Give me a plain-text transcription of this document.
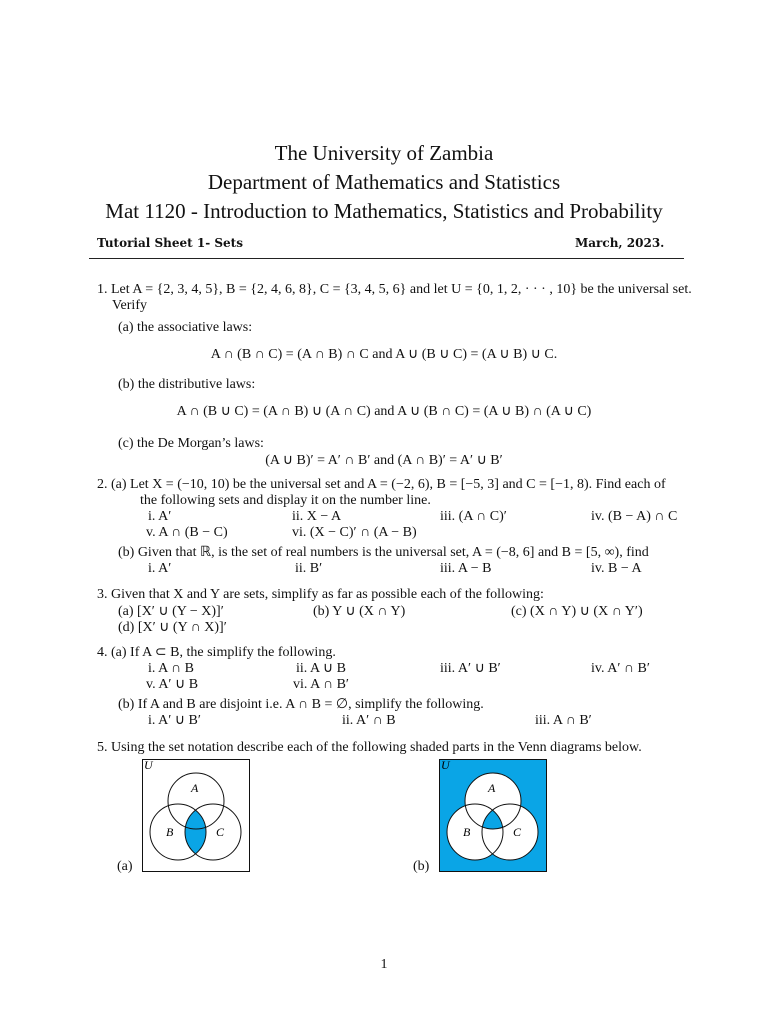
The University of Zambia
Department of Mathematics and Statistics
Mat 1120 - Introduction to Mathematics, Statistics and Probability
Tutorial Sheet 1- Sets	March, 2023.
1. Let A = {2, 3, 4, 5}, B = {2, 4, 6, 8}, C = {3, 4, 5, 6} and let U = {0, 1, 2, · · · , 10} be the universal set.
Verify
(a) the associative laws:
A ∩ (B ∩ C) = (A ∩ B) ∩ C and A ∪ (B ∪ C) = (A ∪ B) ∪ C.
(b) the distributive laws:
A ∩ (B ∪ C) = (A ∩ B) ∪ (A ∩ C) and A ∪ (B ∩ C) = (A ∪ B) ∩ (A ∪ C)
(c) the De Morgan’s laws:
(A ∪ B)′ = A′ ∩ B′ and (A ∩ B)′ = A′ ∪ B′
2. (a) Let X = (−10, 10) be the universal set and A = (−2, 6), B = [−5, 3] and C = [−1, 8). Find each of
the following sets and display it on the number line.
i. A′	ii. X − A	iii. (A ∩ C)′	iv. (B − A) ∩ C
v. A ∩ (B − C)	vi. (X − C)′ ∩ (A − B)
(b) Given that ℝ, is the set of real numbers is the universal set, A = (−8, 6] and B = [5, ∞), find
i. A′	ii. B′	iii. A − B	iv. B − A
3. Given that X and Y are sets, simplify as far as possible each of the following:
(a) [X′ ∪ (Y − X)]′	(b) Y ∪ (X ∩ Y)	(c) (X ∩ Y) ∪ (X ∩ Y′)
(d) [X′ ∪ (Y ∩ X)]′
4. (a) If A ⊂ B, the simplify the following.
i. A ∩ B	ii. A ∪ B	iii. A′ ∪ B′	iv. A′ ∩ B′
v. A′ ∪ B	vi. A ∩ B′
(b) If A and B are disjoint i.e. A ∩ B = ∅, simplify the following.
i. A′ ∪ B′	ii. A′ ∩ B	iii. A ∩ B′
5. Using the set notation describe each of the following shaded parts in the Venn diagrams below.
U
A
B	C
(a)
U
A
B	C
(b)
1
